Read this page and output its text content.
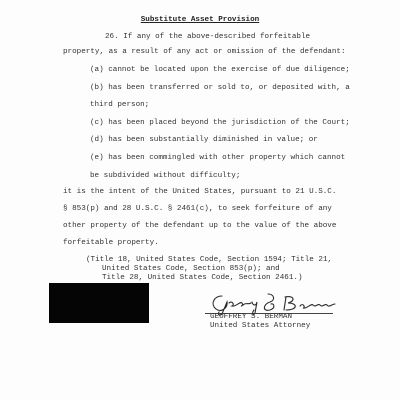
Substitute Asset Provision
26. If any of the above-described forfeitable
property, as a result of any act or omission of the defendant:
(a) cannot be located upon the exercise of due diligence;
(b) has been transferred or sold to, or deposited with, a
third person;
(c) has been placed beyond the jurisdiction of the Court;
(d) has been substantially diminished in value; or
(e) has been commingled with other property which cannot
be subdivided without difficulty;
it is the intent of the United States, pursuant to 21 U.S.C.
§ 853(p) and 28 U.S.C. § 2461(c), to seek forfeiture of any
other property of the defendant up to the value of the above
forfeitable property.
(Title 18, United States Code, Section 1594; Title 21,
United States Code, Section 853(p); and
Title 28, United States Code, Section 2461.)
GEOFFREY S. BERMAN
United States Attorney
